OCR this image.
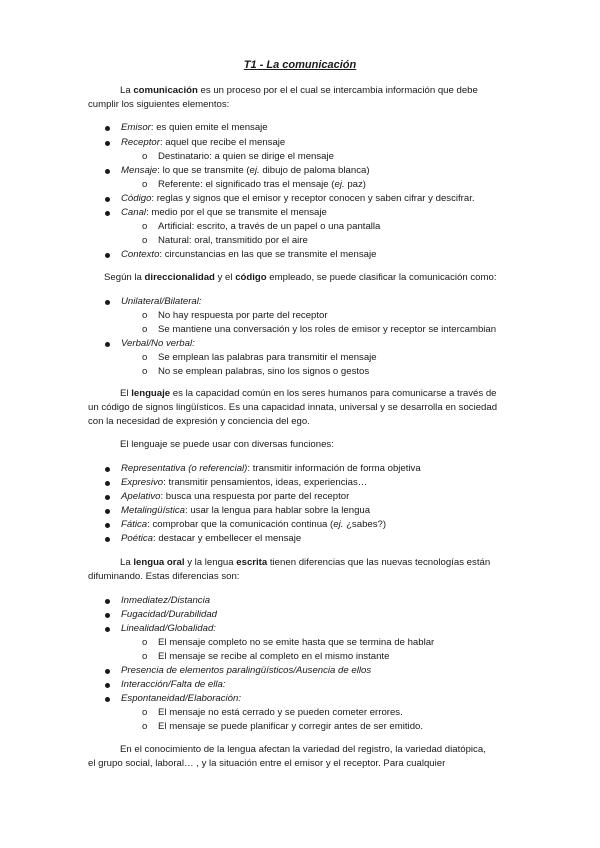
T1 - La comunicación
La comunicación es un proceso por el el cual se intercambia información que debe
cumplir los siguientes elementos:
Emisor: es quien emite el mensaje
Receptor: aquel que recibe el mensaje
o Destinatario: a quien se dirige el mensaje
Mensaje: lo que se transmite (ej. dibujo de paloma blanca)
o Referente: el significado tras el mensaje (ej. paz)
Código: reglas y signos que el emisor y receptor conocen y saben cifrar y descifrar.
Canal: medio por el que se transmite el mensaje
o Artificial: escrito, a través de un papel o una pantalla
o Natural: oral, transmitido por el aire
Contexto: circunstancias en las que se transmite el mensaje
Según la direccionalidad y el código empleado, se puede clasificar la comunicación como:
Unilateral/Bilateral:
o No hay respuesta por parte del receptor
o Se mantiene una conversación y los roles de emisor y receptor se intercambian
Verbal/No verbal:
o Se emplean las palabras para transmitir el mensaje
o No se emplean palabras, sino los signos o gestos
El lenguaje es la capacidad común en los seres humanos para comunicarse a través de
un código de signos lingüísticos. Es una capacidad innata, universal y se desarrolla en sociedad
con la necesidad de expresión y conciencia del ego.
El lenguaje se puede usar con diversas funciones:
Representativa (o referencial): transmitir información de forma objetiva
Expresivo: transmitir pensamientos, ideas, experiencias…
Apelativo: busca una respuesta por parte del receptor
Metalingüística: usar la lengua para hablar sobre la lengua
Fática: comprobar que la comunicación continua (ej. ¿sabes?)
Poética: destacar y embellecer el mensaje
La lengua oral y la lengua escrita tienen diferencias que las nuevas tecnologías están
difuminando. Estas diferencias son:
Inmediatez/Distancia
Fugacidad/Durabilidad
Linealidad/Globalidad:
o El mensaje completo no se emite hasta que se termina de hablar
o El mensaje se recibe al completo en el mismo instante
Presencia de elementos paralingüísticos/Ausencia de ellos
Interacción/Falta de ella:
Espontaneidad/Elaboración:
o El mensaje no está cerrado y se pueden cometer errores.
o El mensaje se puede planificar y corregir antes de ser emitido.
En el conocimiento de la lengua afectan la variedad del registro, la variedad diatópica,
el grupo social, laboral… , y la situación entre el emisor y el receptor. Para cualquier
